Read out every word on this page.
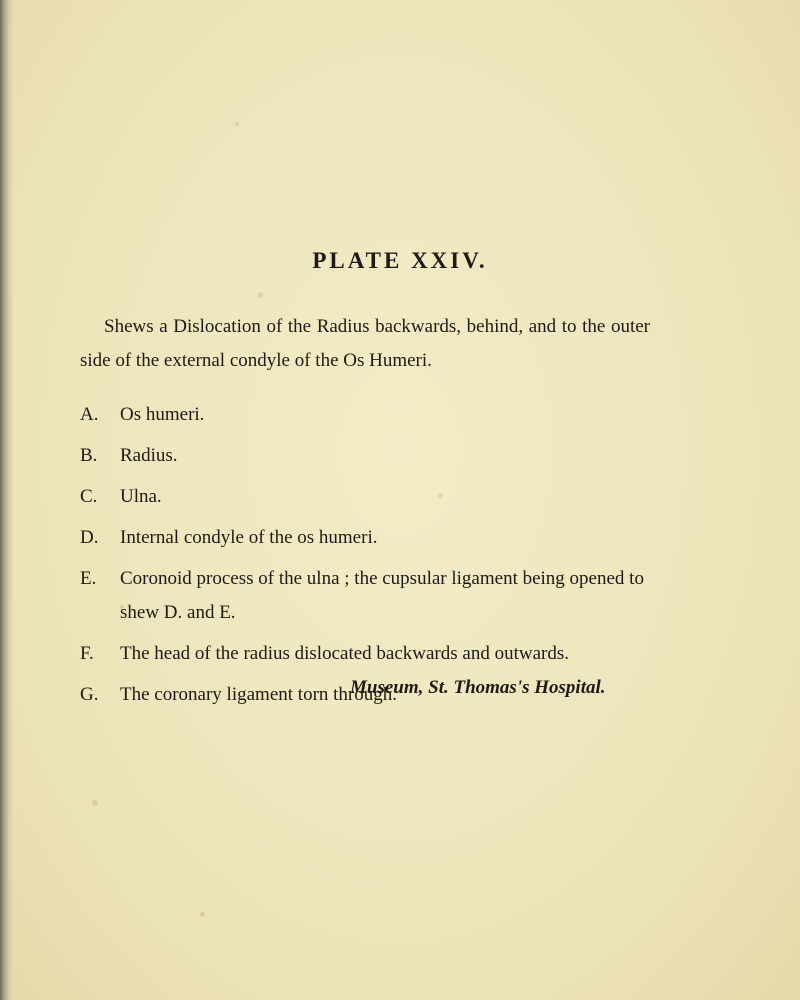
PLATE XXIV.

Shews a Dislocation of the Radius backwards, behind, and to the outer side of the external condyle of the Os Humeri.

A. Os humeri.
B. Radius.
C. Ulna.
D. Internal condyle of the os humeri.
E. Coronoid process of the ulna ; the cupsular ligament being opened to shew D. and E.
F. The head of the radius dislocated backwards and outwards.
G. The coronary ligament torn through.

Museum, St. Thomas's Hospital.
